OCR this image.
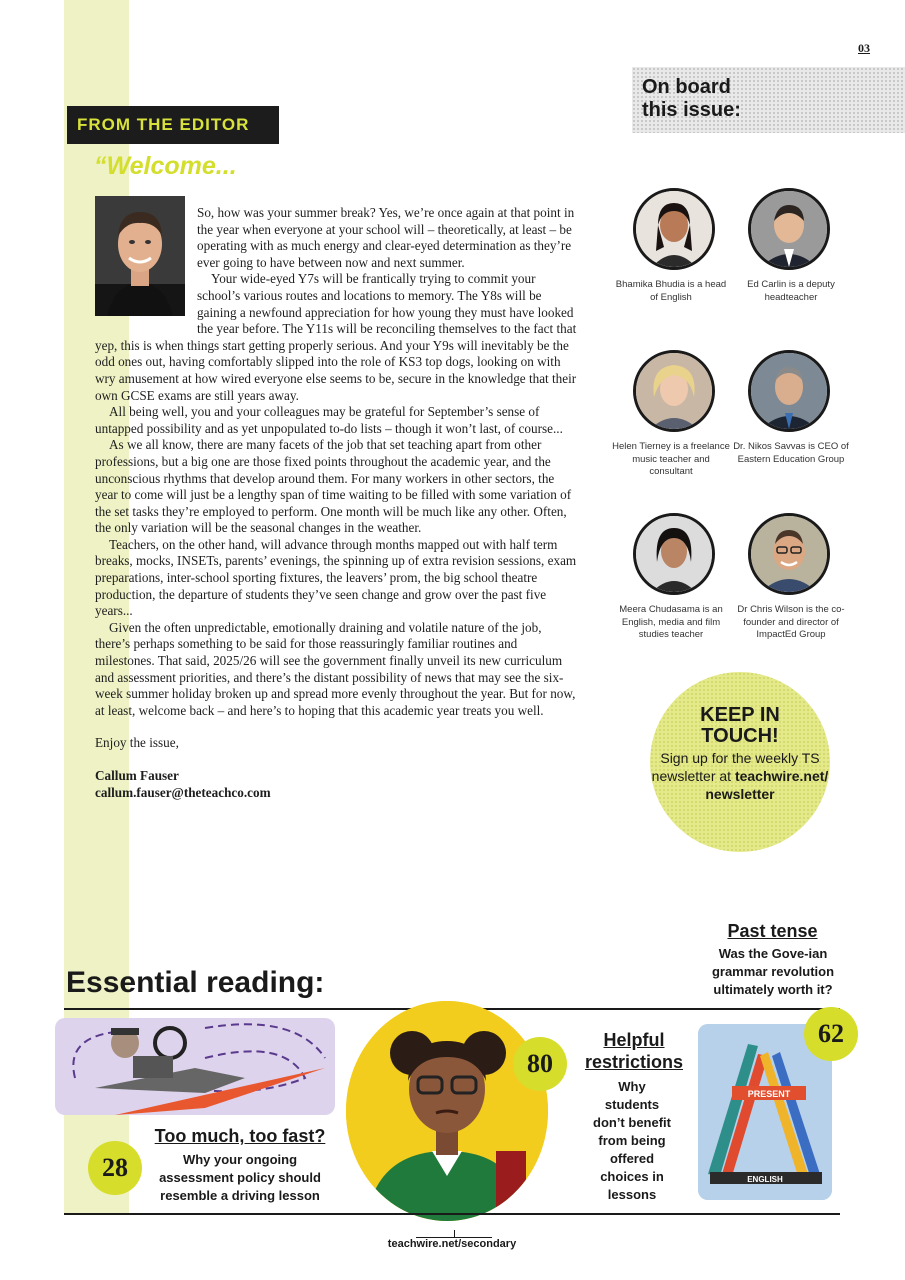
03
On board
this issue:
FROM THE EDITOR
“Welcome...

So, how was your summer break? Yes, we’re once again at that point in the year when everyone at your school will – theoretically, at least – be operating with as much energy and clear-eyed determination as they’re ever going to have between now and next summer.

Your wide-eyed Y7s will be frantically trying to commit your school’s various routes and locations to memory. The Y8s will be gaining a newfound appreciation for how young they must have looked the year before. The Y11s will be reconciling themselves to the fact that yep, this is when things start getting properly serious. And your Y9s will inevitably be the odd ones out, having comfortably slipped into the role of KS3 top dogs, looking on with wry amusement at how wired everyone else seems to be, secure in the knowledge that their own GCSE exams are still years away.

All being well, you and your colleagues may be grateful for September’s sense of untapped possibility and as yet unpopulated to-do lists – though it won’t last, of course...

As we all know, there are many facets of the job that set teaching apart from other professions, but a big one are those fixed points throughout the academic year, and the unconscious rhythms that develop around them. For many workers in other sectors, the year to come will just be a lengthy span of time waiting to be filled with some variation of the set tasks they’re employed to perform. One month will be much like any other. Often, the only variation will be the seasonal changes in the weather.

Teachers, on the other hand, will advance through months mapped out with half term breaks, mocks, INSETs, parents’ evenings, the spinning up of extra revision sessions, exam preparations, inter-school sporting fixtures, the leavers’ prom, the big school theatre production, the departure of students they’ve seen change and grow over the past five years...

Given the often unpredictable, emotionally draining and volatile nature of the job, there’s perhaps something to be said for those reassuringly familiar routines and milestones. That said, 2025/26 will see the government finally unveil its new curriculum and assessment priorities, and there’s the distant possibility of news that may see the six-week summer holiday broken up and spread more evenly throughout the year. But for now, at least, welcome back – and here’s to hoping that this academic year treats you well.

Enjoy the issue,

Callum Fauser

callum.fauser@theteachco.com

Bhamika Bhudia is a head of English
Ed Carlin is a deputy headteacher
Helen Tierney is a freelance music teacher and consultant
Dr. Nikos Savvas is CEO of Eastern Education Group
Meera Chudasama is an English, media and film studies teacher
Dr Chris Wilson is the co-founder and director of ImpactEd Group
KEEP IN
TOUCH!
Sign up for the weekly TS newsletter at teachwire.net/ newsletter
Essential reading:
28
Too much, too fast?
Why your ongoing assessment policy should resemble a driving lesson
80
Helpful restrictions
Why students don’t benefit from being offered choices in lessons
Past tense
Was the Gove-ian grammar revolution ultimately worth it?
PRESENT
ENGLISH
62
teachwire.net/secondary
